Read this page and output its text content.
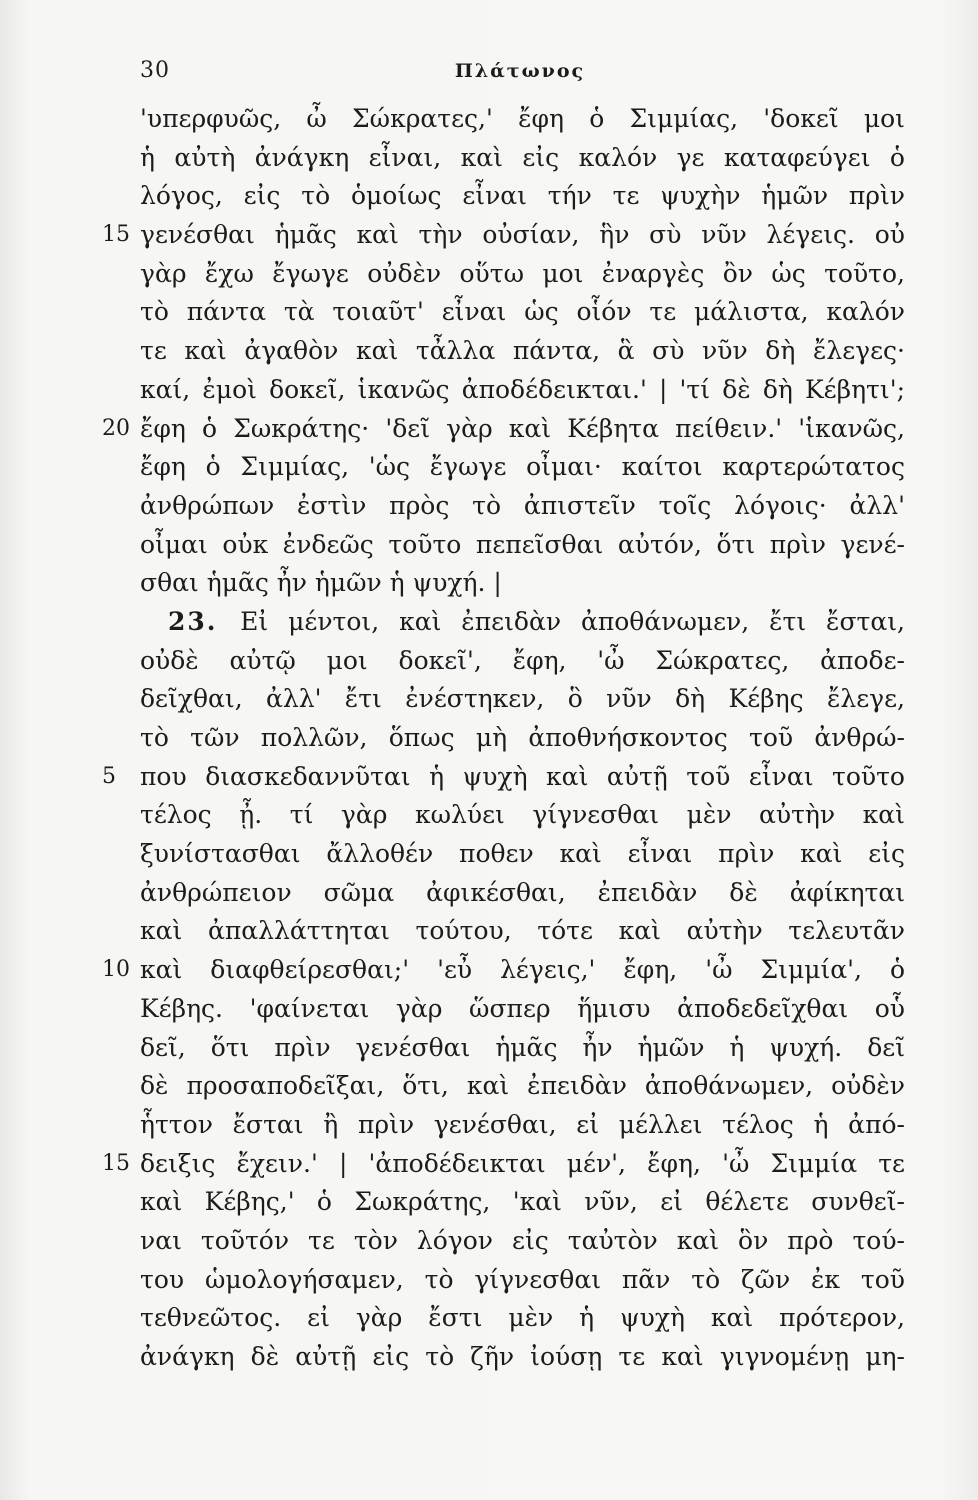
30	Πλάτωνος
'υπερφυῶς, ὦ Σώκρατες,' ἔφη ὁ Σιμμίας, 'δοκεῖ μοι
ἡ αὐτὴ ἀνάγκη εἶναι, καὶ εἰς καλόν γε καταφεύγει ὁ
λόγος, εἰς τὸ ὁμοίως εἶναι τήν τε ψυχὴν ἡμῶν πρὶν
15 γενέσθαι ἡμᾶς καὶ τὴν οὐσίαν, ἣν σὺ νῦν λέγεις. οὐ
γὰρ ἔχω ἔγωγε οὐδὲν οὕτω μοι ἐναργὲς ὂν ὡς τοῦτο,
τὸ πάντα τὰ τοιαῦτ' εἶναι ὡς οἷόν τε μάλιστα, καλόν
τε καὶ ἀγαθὸν καὶ τἆλλα πάντα, ἃ σὺ νῦν δὴ ἔλεγες·
καί, ἐμοὶ δοκεῖ, ἱκανῶς ἀποδέδεικται.' | 'τί δὲ δὴ Κέβητι';
20 ἔφη ὁ Σωκράτης· 'δεῖ γὰρ καὶ Κέβητα πείθειν.' 'ἱκανῶς,
ἔφη ὁ Σιμμίας, 'ὡς ἔγωγε οἶμαι· καίτοι καρτερώτατος
ἀνθρώπων ἐστὶν πρὸς τὸ ἀπιστεῖν τοῖς λόγοις· ἀλλ'
οἶμαι οὐκ ἐνδεῶς τοῦτο πεπεῖσθαι αὐτόν, ὅτι πρὶν γενέ-
σθαι ἡμᾶς ἦν ἡμῶν ἡ ψυχή. |
23. Εἰ μέντοι, καὶ ἐπειδὰν ἀποθάνωμεν, ἔτι ἔσται,
οὐδὲ αὐτῷ μοι δοκεῖ', ἔφη, 'ὦ Σώκρατες, ἀποδε-
δεῖχθαι, ἀλλ' ἔτι ἐνέστηκεν, ὃ νῦν δὴ Κέβης ἔλεγε,
τὸ τῶν πολλῶν, ὅπως μὴ ἀποθνήσκοντος τοῦ ἀνθρώ-
5 που διασκεδαννῦται ἡ ψυχὴ καὶ αὐτῇ τοῦ εἶναι τοῦτο
τέλος ᾖ. τί γὰρ κωλύει γίγνεσθαι μὲν αὐτὴν καὶ
ξυνίστασθαι ἄλλοθέν ποθεν καὶ εἶναι πρὶν καὶ εἰς
ἀνθρώπειον σῶμα ἀφικέσθαι, ἐπειδὰν δὲ ἀφίκηται
καὶ ἀπαλλάττηται τούτου, τότε καὶ αὐτὴν τελευτᾶν
10 καὶ διαφθείρεσθαι;' 'εὖ λέγεις,' ἔφη, 'ὦ Σιμμία', ὁ
Κέβης. 'φαίνεται γὰρ ὥσπερ ἥμισυ ἀποδεδεῖχθαι οὗ
δεῖ, ὅτι πρὶν γενέσθαι ἡμᾶς ἦν ἡμῶν ἡ ψυχή. δεῖ
δὲ προσαποδεῖξαι, ὅτι, καὶ ἐπειδὰν ἀποθάνωμεν, οὐδὲν
ἧττον ἔσται ἢ πρὶν γενέσθαι, εἰ μέλλει τέλος ἡ ἀπό-
15 δειξις ἔχειν.' | 'ἀποδέδεικται μέν', ἔφη, 'ὦ Σιμμία τε
καὶ Κέβης,' ὁ Σωκράτης, 'καὶ νῦν, εἰ θέλετε συνθεῖ-
ναι τοῦτόν τε τὸν λόγον εἰς ταὐτὸν καὶ ὃν πρὸ τού-
του ὡμολογήσαμεν, τὸ γίγνεσθαι πᾶν τὸ ζῶν ἐκ τοῦ
τεθνεῶτος. εἰ γὰρ ἔστι μὲν ἡ ψυχὴ καὶ πρότερον,
ἀνάγκη δὲ αὐτῇ εἰς τὸ ζῆν ἰούσῃ τε καὶ γιγνομένῃ μη-
